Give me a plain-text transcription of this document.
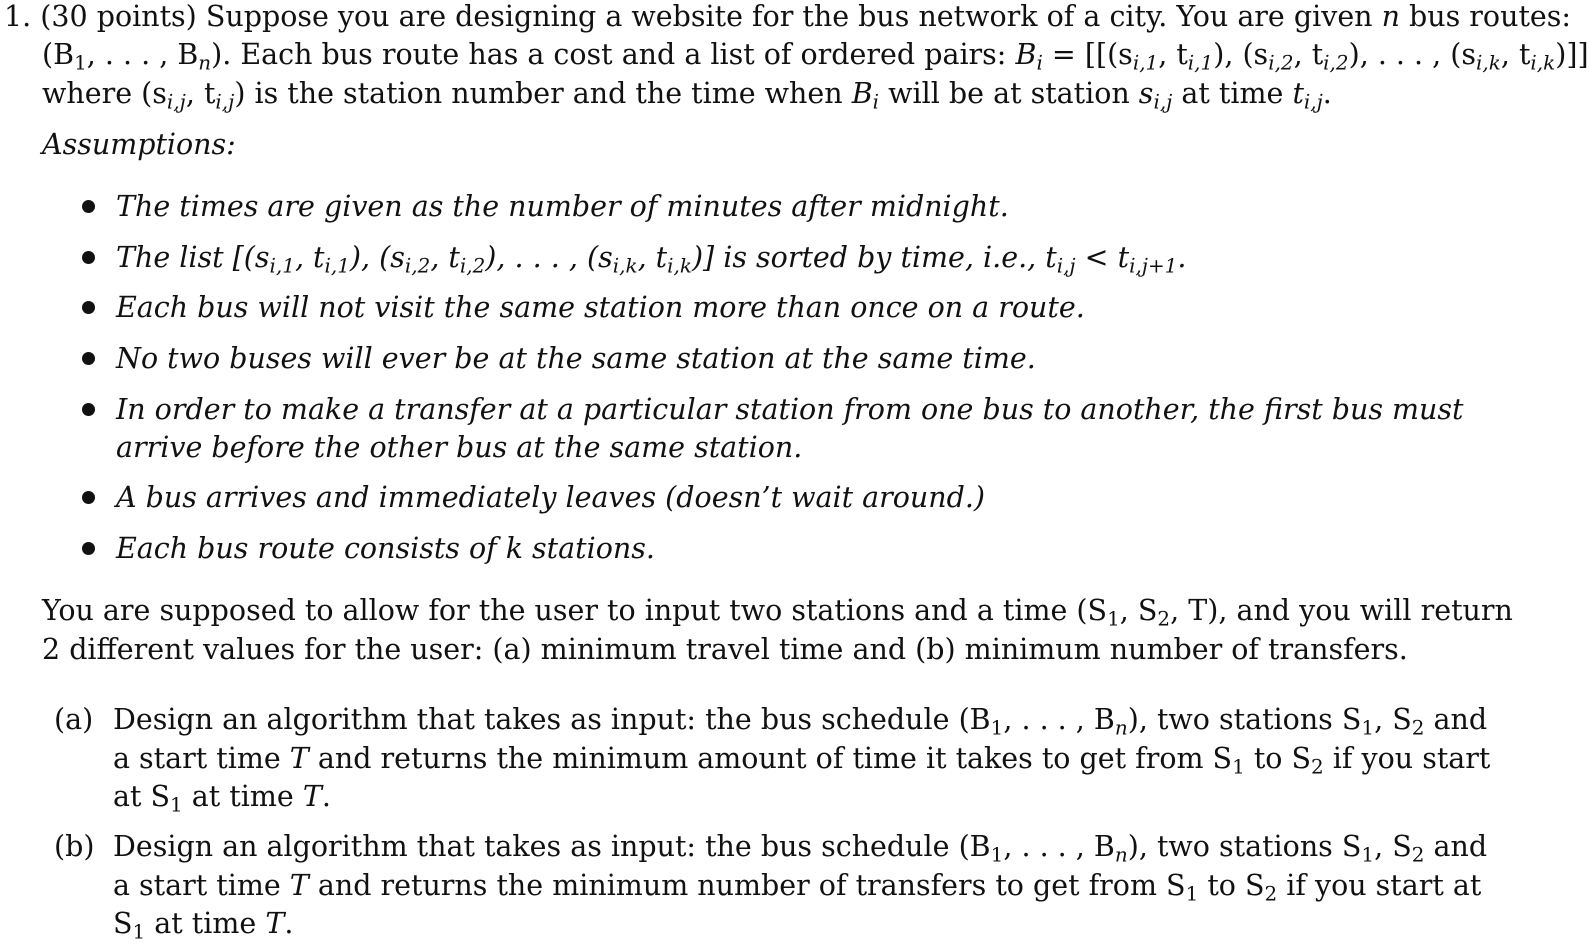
1. (30 points) Suppose you are designing a website for the bus network of a city. You are given n bus routes:
($B_1$, . . . , $B_n$). Each bus route has a cost and a list of ordered pairs: $B_i = [[(s_{i,1}$, $t_{i,1}$), ($s_{i,2}$, $t_{i,2}$), . . . , ($s_{i,k}$, $t_{i,k}$)]]
where ($s_{i,j}$, $t_{i,j}$) is the station number and the time when $B_i$ will be at station $s_{i,j}$ at time $t_{i,j}$.
Assumptions:
The times are given as the number of minutes after midnight.
The list [($s_{i,1}$, $t_{i,1}$), ($s_{i,2}$, $t_{i,2}$), . . . , ($s_{i,k}$, $t_{i,k}$)] is sorted by time, i.e., $t_{i,j} < t_{i,j+1}$.
Each bus will not visit the same station more than once on a route.
No two buses will ever be at the same station at the same time.
In order to make a transfer at a particular station from one bus to another, the first bus must
arrive before the other bus at the same station.
A bus arrives and immediately leaves (doesn’t wait around.)
Each bus route consists of k stations.
You are supposed to allow for the user to input two stations and a time ($S_1$, $S_2$, T), and you will return
2 different values for the user: (a) minimum travel time and (b) minimum number of transfers.
(a) Design an algorithm that takes as input: the bus schedule ($B_1$, . . . , $B_n$), two stations $S_1$, $S_2$ and
a start time T and returns the minimum amount of time it takes to get from $S_1$ to $S_2$ if you start
at $S_1$ at time T.
(b) Design an algorithm that takes as input: the bus schedule ($B_1$, . . . , $B_n$), two stations $S_1$, $S_2$ and
a start time T and returns the minimum number of transfers to get from $S_1$ to $S_2$ if you start at
$S_1$ at time T.
